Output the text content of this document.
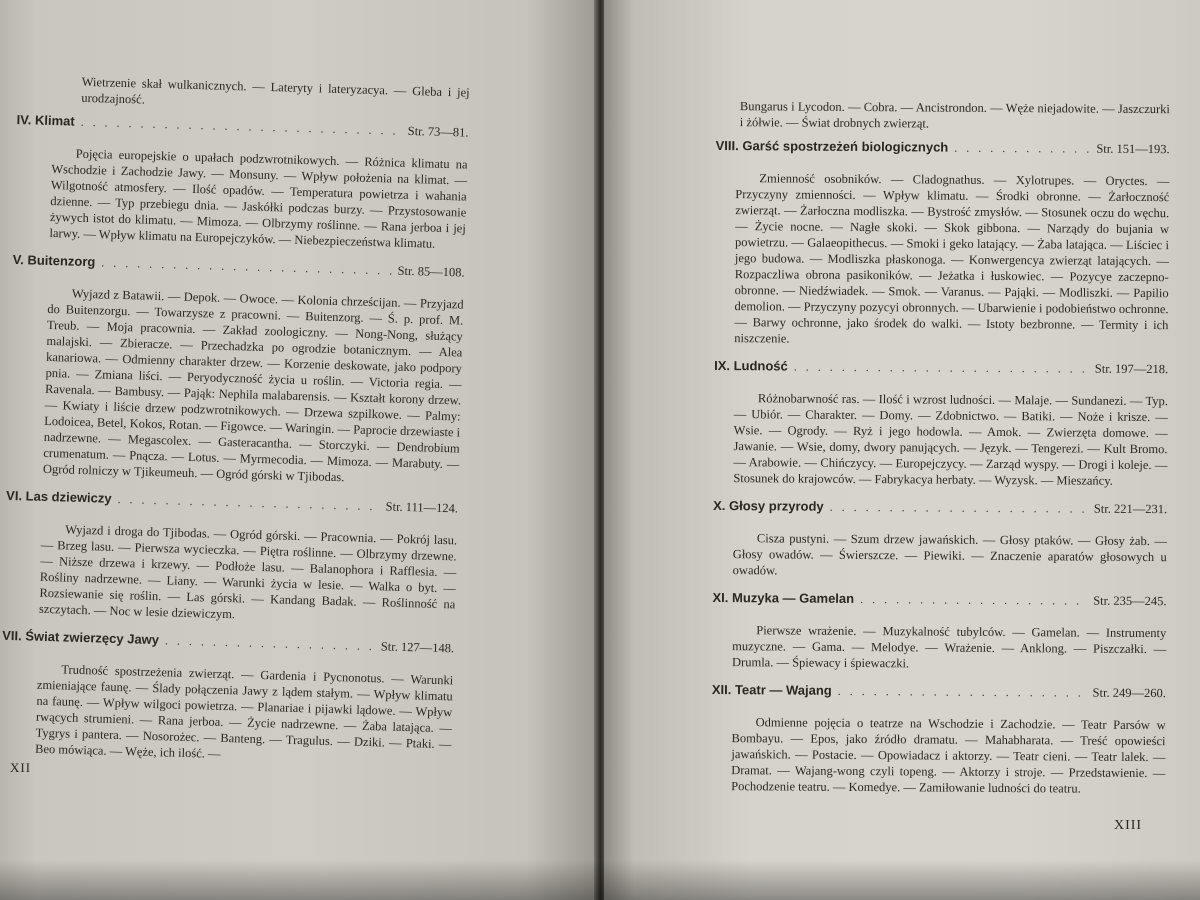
Wietrzenie skał wulkanicznych. — Lateryty i lateryzacya. — Gleba i jej urodzajność.

IV. Klimat
. . .
Str. 73—81.

Pojęcia europejskie o upałach podzwrotnikowych. — Różnica klimatu na Wschodzie i Zachodzie Jawy. — Monsuny. — Wpływ położenia na klimat. — Wilgotność atmosfery. — Ilość opadów. — Temperatura powietrza i wahania dzienne. — Typ przebiegu dnia. — Jaskółki podczas burzy. — Przystosowanie żywych istot do klimatu. — Mimoza. — Olbrzymy roślinne. — Rana jerboa i jej larwy. — Wpływ klimatu na Europejczyków. — Niebezpieczeństwa klimatu.

V. Buitenzorg
. . .
Str. 85—108.

Wyjazd z Batawii. — Depok. — Owoce. — Kolonia chrześcijan. — Przyjazd do Buitenzorgu. — Towarzysze z pracowni. — Buitenzorg. — Ś. p. prof. M. Treub. — Moja pracownia. — Zakład zoologiczny. — Nong-Nong, służący malajski. — Zbieracze. — Przechadzka po ogrodzie botanicznym. — Alea kanariowa. — Odmienny charakter drzew. — Korzenie deskowate, jako podpory pnia. — Zmiana liści. — Peryodyczność życia u roślin. — Victoria regia. — Ravenala. — Bambusy. — Pająk: Nephila malabarensis. — Kształt korony drzew. — Kwiaty i liście drzew podzwrotnikowych. — Drzewa szpilkowe. — Palmy: Lodoicea, Betel, Kokos, Rotan. — Figowce. — Waringin. — Paprocie drzewiaste i nadrzewne. — Megascolex. — Gasteracantha. — Storczyki. — Dendrobium crumenatum. — Pnącza. — Lotus. — Myrmecodia. — Mimoza. — Marabuty. — Ogród rolniczy w Tjikeumeuh. — Ogród górski w Tjibodas.

VI. Las dziewiczy
. . .
Str. 111—124.

Wyjazd i droga do Tjibodas. — Ogród górski. — Pracownia. — Pokrój lasu. — Brzeg lasu. — Pierwsza wycieczka. — Piętra roślinne. — Olbrzymy drzewne. — Niższe drzewa i krzewy. — Podłoże lasu. — Balanophora i Rafflesia. — Rośliny nadrzewne. — Liany. — Warunki życia w lesie. — Walka o byt. — Rozsiewanie się roślin. — Las górski. — Kandang Badak. — Roślinność na szczytach. — Noc w lesie dziewiczym.

VII. Świat zwierzęcy Jawy
. . .
Str. 127—148.

Trudność spostrzeżenia zwierząt. — Gardenia i Pycnonotus. — Warunki zmieniające faunę. — Ślady połączenia Jawy z lądem stałym. — Wpływ klimatu na faunę. — Wpływ wilgoci powietrza. — Planariae i pijawki lądowe. — Wpływ rwących strumieni. — Rana jerboa. — Życie nadrzewne. — Żaba latająca. — Tygrys i pantera. — Nosorożec. — Banteng. — Tragulus. — Dziki. — Ptaki. — Beo mówiąca. — Węże, ich ilość. —

XII

Bungarus i Lycodon. — Cobra. — Ancistrondon. — Węże niejadowite. — Jaszczurki i żółwie. — Świat drobnych zwierząt.

VIII. Garść spostrzeżeń biologicznych . . .	Str. 151—193.

Zmienność osobników. — Cladognathus. — Xylotrupes. — Oryctes. — Przyczyny zmienności. — Wpływ klimatu. — Środki obronne. — Żarłoczność zwierząt. — Żarłoczna modliszka. — Bystrość zmysłów. — Stosunek oczu do węchu. — Życie nocne. — Nagłe skoki. — Skok gibbona. — Narządy do bujania w powietrzu. — Galaeopithecus. — Smoki i geko latający. — Żaba latająca. — Liściec i jego budowa. — Modliszka płaskonoga. — Konwergencya zwierząt latających. — Rozpaczliwa obrona pasikoników. — Jeżatka i łuskowiec. — Pozycye zaczepno-obronne. — Niedźwiadek. — Smok. — Varanus. — Pająki. — Modliszki. — Papilio demolion. — Przyczyny pozycyi obronnych. — Ubarwienie i podobieństwo ochronne. — Barwy ochronne, jako środek do walki. — Istoty bezbronne. — Termity i ich niszczenie.

IX. Ludność . . .	Str. 197—218.

Różnobarwność ras. — Ilość i wzrost ludności. — Malaje. — Sundanezi. — Typ. — Ubiór. — Charakter. — Domy. — Zdobnictwo. — Batiki. — Noże i krisze. — Wsie. — Ogrody. — Ryż i jego hodowla. — Amok. — Zwierzęta domowe. — Jawanie. — Wsie, domy, dwory panujących. — Język. — Tengerezi. — Kult Bromo. — Arabowie. — Chińczycy. — Europejczycy. — Zarząd wyspy. — Drogi i koleje. — Stosunek do krajowców. — Fabrykacya herbaty. — Wyzysk. — Mieszańcy.

X. Głosy przyrody . . .	Str. 221—231.

Cisza pustyni. — Szum drzew jawańskich. — Głosy ptaków. — Głosy żab. — Głosy owadów. — Świerszcze. — Piewiki. — Znaczenie aparatów głosowych u owadów.

XI. Muzyka — Gamelan . . .	Str. 235—245.

Pierwsze wrażenie. — Muzykalność tubylców. — Gamelan. — Instrumenty muzyczne. — Gama. — Melodye. — Wrażenie. — Anklong. — Piszczałki. — Drumla. — Śpiewacy i śpiewaczki.

XII. Teatr — Wajang . . .	Str. 249—260.

Odmienne pojęcia o teatrze na Wschodzie i Zachodzie. — Teatr Parsów w Bombayu. — Epos, jako źródło dramatu. — Mahabharata. — Treść opowieści jawańskich. — Postacie. — Opowiadacz i aktorzy. — Teatr cieni. — Teatr lalek. — Dramat. — Wajang-wong czyli topeng. — Aktorzy i stroje. — Przedstawienie. — Pochodzenie teatru. — Komedye. — Zamiłowanie ludności do teatru.

XIII
